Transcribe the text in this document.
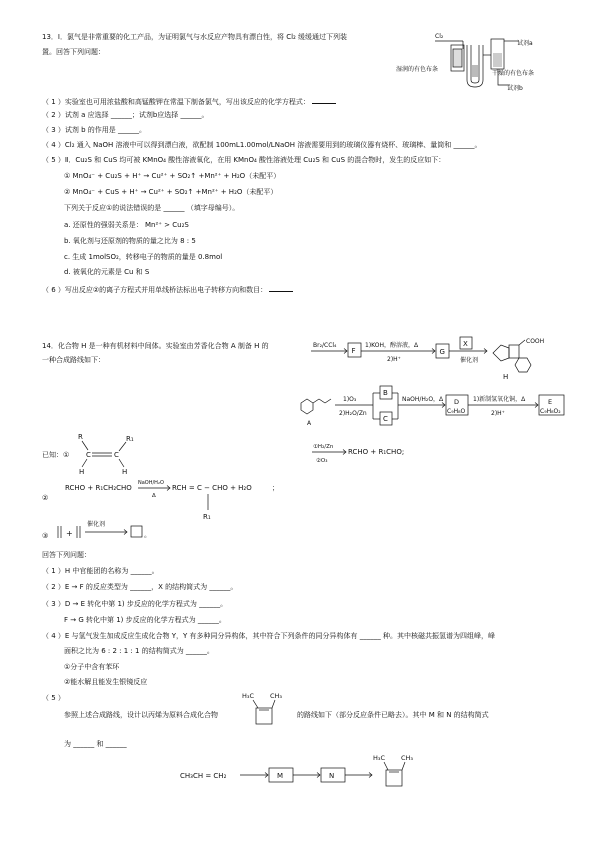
13．Ⅰ．氯气是非常重要的化工产品，为证明氯气与水反应产物具有漂白性，将 Cl₂ 缓缓通过下列装
置。回答下列问题：
Cl₂
试剂a
湿润的有色布条
干燥的有色布条
试剂b
（ 1 ）实验室也可用浓盐酸和高锰酸钾在常温下制备氯气，写出该反应的化学方程式：
（ 2 ）试剂 a 应选择 ______；试剂b应选择 ______。
（ 3 ）试剂 b 的作用是 ______。
（ 4 ）Cl₂ 通入 NaOH 溶液中可以得到漂白液，欲配制 100mL1.00mol/LNaOH 溶液需要用到的玻璃仪器有烧杯、玻璃棒、量筒和 ______。
（ 5 ）Ⅱ．Cu₂S 和 CuS 均可被 KMnO₄ 酸性溶液氧化，在用 KMnO₄ 酸性溶液处理 Cu₂S 和 CuS 的混合物时，发生的反应如下：
① MnO₄⁻ + Cu₂S + H⁺ → Cu²⁺ + SO₂↑ +Mn²⁺ + H₂O（未配平）
② MnO₄⁻ + CuS + H⁺ → Cu²⁺ + SO₂↑ +Mn²⁺ + H₂O（未配平）
下列关于反应①的说法错误的是 ______ （填字母编号）。
a. 还原性的强弱关系是： Mn²⁺ > Cu₂S
b. 氧化剂与还原剂的物质的量之比为 8 : 5
c. 生成 1molSO₂，转移电子的物质的量是 0.8mol
d. 被氧化的元素是 Cu 和 S
（ 6 ）写出反应②的离子方程式并用单线桥法标出电子转移方向和数目：
14．化合物 H 是一种有机材料中间体。实验室由芳香化合物 A 制备 H 的
一种合成路线如下：
Br₂/CCl₄
F
1)KOH，醇溶液，Δ
2)H⁺
G
X
催化剂
COOH
H
A
1)O₃
2)H₂O/Zn
B
C
NaOH/H₂O，Δ D
C₉H₈O
1)新制氢氧化铜，Δ
2)H⁺
E
C₉H₈O₂
已知：①
R
C	C
R₁
H	H
①H₂/Zn
②O₃
RCHO + R₁CHO;
②
RCHO + R₁CH₂CHO
NaOH/H₂O
Δ
RCH = C − CHO + H₂O
R₁
；
③ +
催化剂
。
回答下列问题：
（ 1 ）H 中官能团的名称为 ______。
（ 2 ）E → F 的反应类型为 ______，X 的结构简式为 ______。
（ 3 ）D → E 转化中第 1) 步反应的化学方程式为 ______。
F → G 转化中第 1) 步反应的化学方程式为 ______。
（ 4 ）E 与氢气发生加成反应生成化合物 Y，Y 有多种同分异构体，其中符合下列条件的同分异构体有 ______ 种。其中核磁共振氢谱为四组峰，峰
面积之比为 6 : 2 : 1 : 1 的结构简式为 ______。
①分子中含有苯环
②能水解且能发生银镜反应
（ 5 ）
参照上述合成路线，设计以丙烯为原料合成化合物
H₃C CH₃
的路线如下（部分反应条件已略去）。其中 M 和 N 的结构简式
为 ______ 和 ______
CH₃CH = CH₂	M	N
H₃C CH₃
